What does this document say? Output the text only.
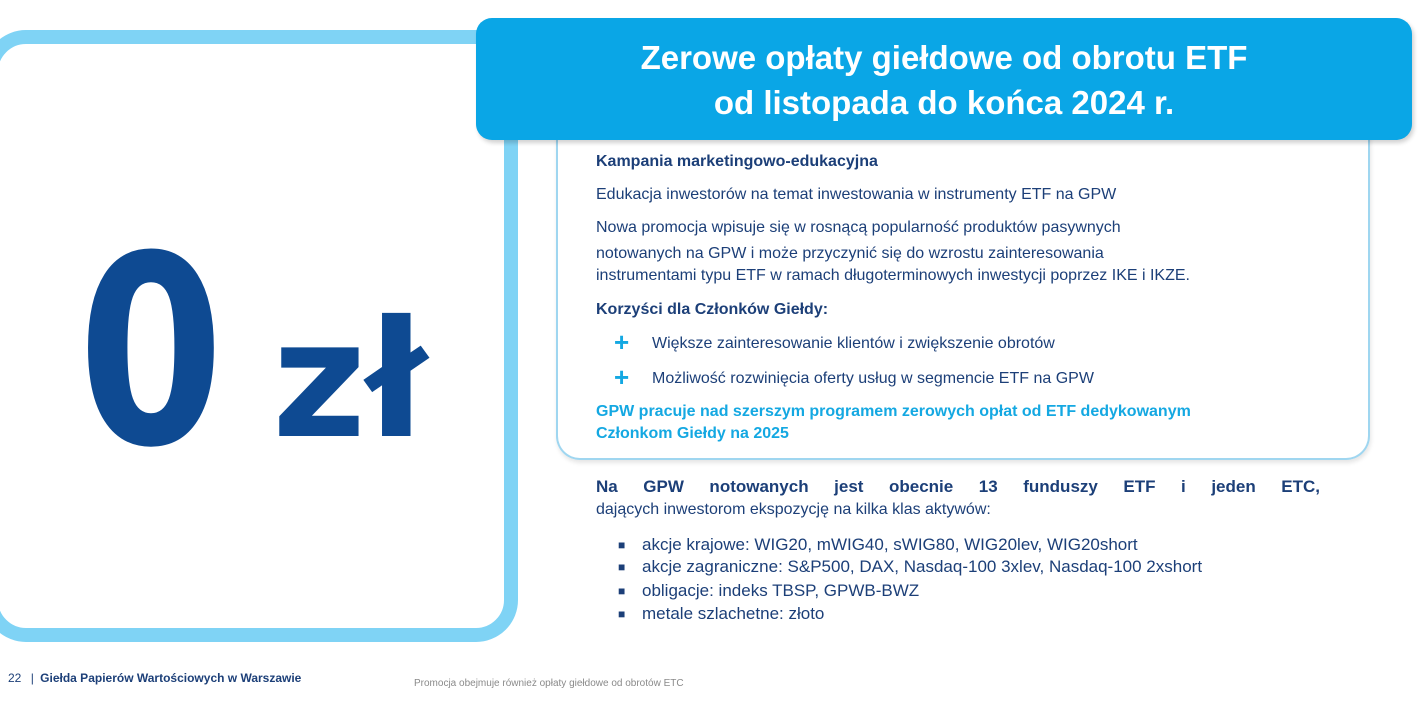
0 zł
Zerowe opłaty giełdowe od obrotu ETF
od listopada do końca 2024 r.
Kampania marketingowo-edukacyjna
Edukacja inwestorów na temat inwestowania w instrumenty ETF na GPW
Nowa promocja wpisuje się w rosnącą popularność produktów pasywnych
notowanych na GPW i może przyczynić się do wzrostu zainteresowania
instrumentami typu ETF w ramach długoterminowych inwestycji poprzez IKE i IKZE.
Korzyści dla Członków Giełdy:
+ Większe zainteresowanie klientów i zwiększenie obrotów
+ Możliwość rozwinięcia oferty usług w segmencie ETF na GPW
GPW pracuje nad szerszym programem zerowych opłat od ETF dedykowanym
Członkom Giełdy na 2025
Na GPW notowanych jest obecnie 13 funduszy ETF i jeden ETC,
dających inwestorom ekspozycję na kilka klas aktywów:
■ akcje krajowe: WIG20, mWIG40, sWIG80, WIG20lev, WIG20short
■ akcje zagraniczne: S&P500, DAX, Nasdaq-100 3xlev, Nasdaq-100 2xshort
■ obligacje: indeks TBSP, GPWB-BWZ
■ metale szlachetne: złoto
22 | Giełda Papierów Wartościowych w Warszawie	Promocja obejmuje również opłaty giełdowe od obrotów ETC
